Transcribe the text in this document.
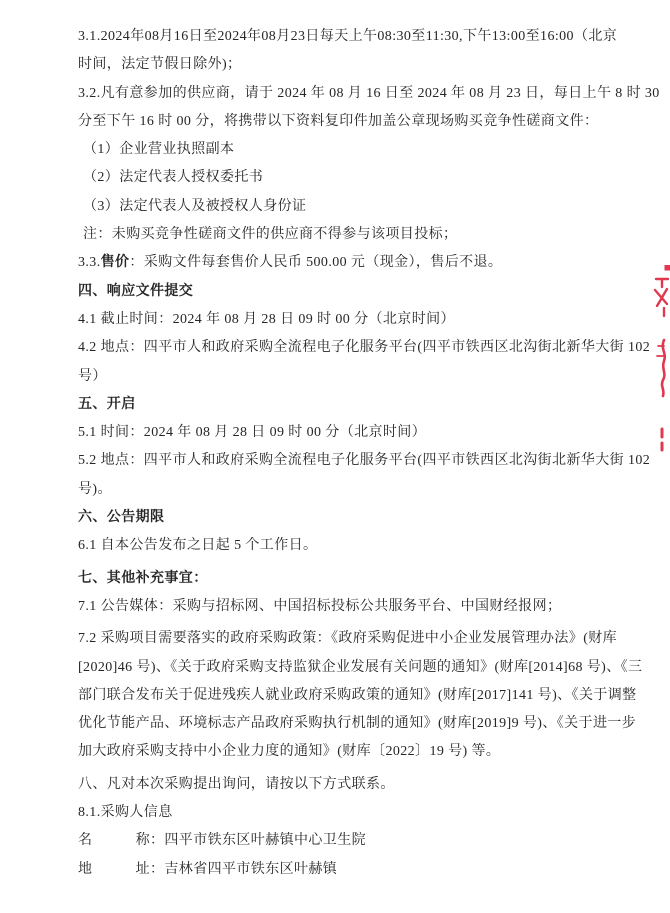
3.1.2024年08月16日至2024年08月23日每天上午08:30至11:30,下午13:00至16:00（北京
时间，法定节假日除外)；
3.2.凡有意参加的供应商，请于 2024 年 08 月 16 日至 2024 年 08 月 23 日，每日上午 8 时 30
分至下午 16 时 00 分，将携带以下资料复印件加盖公章现场购买竞争性磋商文件：
（1）企业营业执照副本
（2）法定代表人授权委托书
（3）法定代表人及被授权人身份证
注：未购买竞争性磋商文件的供应商不得参与该项目投标；
3.3.售价：采购文件每套售价人民币 500.00 元（现金），售后不退。
四、响应文件提交
4.1 截止时间：2024 年 08 月 28 日 09 时 00 分（北京时间）
4.2 地点：四平市人和政府采购全流程电子化服务平台(四平市铁西区北沟街北新华大街 102
号）
五、开启
5.1 时间：2024 年 08 月 28 日 09 时 00 分（北京时间）
5.2 地点：四平市人和政府采购全流程电子化服务平台(四平市铁西区北沟街北新华大街 102
号)。
六、公告期限
6.1 自本公告发布之日起 5 个工作日。
七、其他补充事宜：
7.1 公告媒体：采购与招标网、中国招标投标公共服务平台、中国财经报网；
7.2 采购项目需要落实的政府采购政策：《政府采购促进中小企业发展管理办法》(财库
[2020]46 号)、《关于政府采购支持监狱企业发展有关问题的通知》(财库[2014]68 号)、《三
部门联合发布关于促进残疾人就业政府采购政策的通知》(财库[2017]141 号)、《关于调整
优化节能产品、环境标志产品政府采购执行机制的通知》(财库[2019]9 号)、《关于进一步
加大政府采购支持中小企业力度的通知》(财库〔2022〕19 号) 等。
八、凡对本次采购提出询问，请按以下方式联系。
8.1.采购人信息
名　　　称：四平市铁东区叶赫镇中心卫生院
地　　　址：吉林省四平市铁东区叶赫镇
